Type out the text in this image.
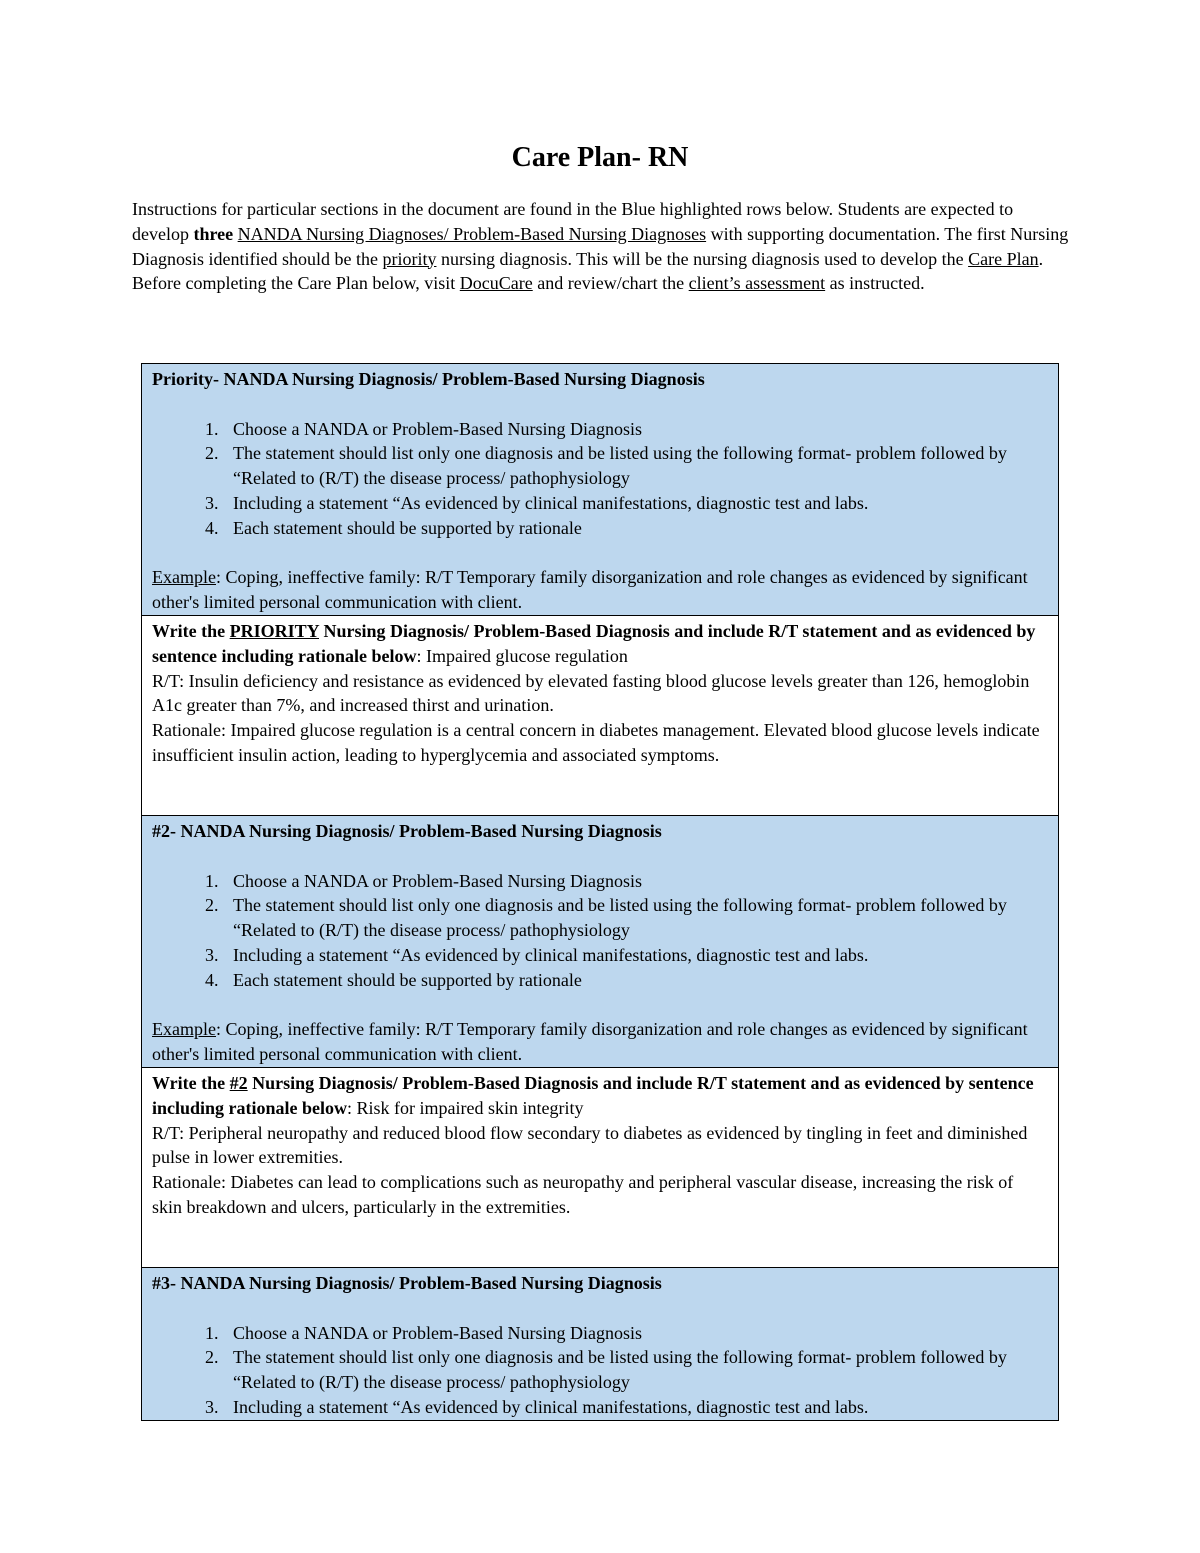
Care Plan- RN
Instructions for particular sections in the document are found in the Blue highlighted rows below. Students are expected to develop three NANDA Nursing Diagnoses/ Problem-Based Nursing Diagnoses with supporting documentation. The first Nursing Diagnosis identified should be the priority nursing diagnosis. This will be the nursing diagnosis used to develop the Care Plan. Before completing the Care Plan below, visit DocuCare and review/chart the client’s assessment as instructed.
Priority- NANDA Nursing Diagnosis/ Problem-Based Nursing Diagnosis
1. Choose a NANDA or Problem-Based Nursing Diagnosis
2. The statement should list only one diagnosis and be listed using the following format- problem followed by “Related to (R/T) the disease process/ pathophysiology
3. Including a statement “As evidenced by clinical manifestations, diagnostic test and labs.
4. Each statement should be supported by rationale
Example: Coping, ineffective family: R/T Temporary family disorganization and role changes as evidenced by significant other's limited personal communication with client.

Write the PRIORITY Nursing Diagnosis/ Problem-Based Diagnosis and include R/T statement and as evidenced by sentence including rationale below: Impaired glucose regulation
R/T: Insulin deficiency and resistance as evidenced by elevated fasting blood glucose levels greater than 126, hemoglobin A1c greater than 7%, and increased thirst and urination.
Rationale: Impaired glucose regulation is a central concern in diabetes management. Elevated blood glucose levels indicate insufficient insulin action, leading to hyperglycemia and associated symptoms.

#2- NANDA Nursing Diagnosis/ Problem-Based Nursing Diagnosis
1. Choose a NANDA or Problem-Based Nursing Diagnosis
2. The statement should list only one diagnosis and be listed using the following format- problem followed by “Related to (R/T) the disease process/ pathophysiology
3. Including a statement “As evidenced by clinical manifestations, diagnostic test and labs.
4. Each statement should be supported by rationale
Example: Coping, ineffective family: R/T Temporary family disorganization and role changes as evidenced by significant other's limited personal communication with client.

Write the #2 Nursing Diagnosis/ Problem-Based Diagnosis and include R/T statement and as evidenced by sentence including rationale below: Risk for impaired skin integrity
R/T: Peripheral neuropathy and reduced blood flow secondary to diabetes as evidenced by tingling in feet and diminished pulse in lower extremities.
Rationale: Diabetes can lead to complications such as neuropathy and peripheral vascular disease, increasing the risk of skin breakdown and ulcers, particularly in the extremities.

#3- NANDA Nursing Diagnosis/ Problem-Based Nursing Diagnosis
1. Choose a NANDA or Problem-Based Nursing Diagnosis
2. The statement should list only one diagnosis and be listed using the following format- problem followed by “Related to (R/T) the disease process/ pathophysiology
3. Including a statement “As evidenced by clinical manifestations, diagnostic test and labs.
